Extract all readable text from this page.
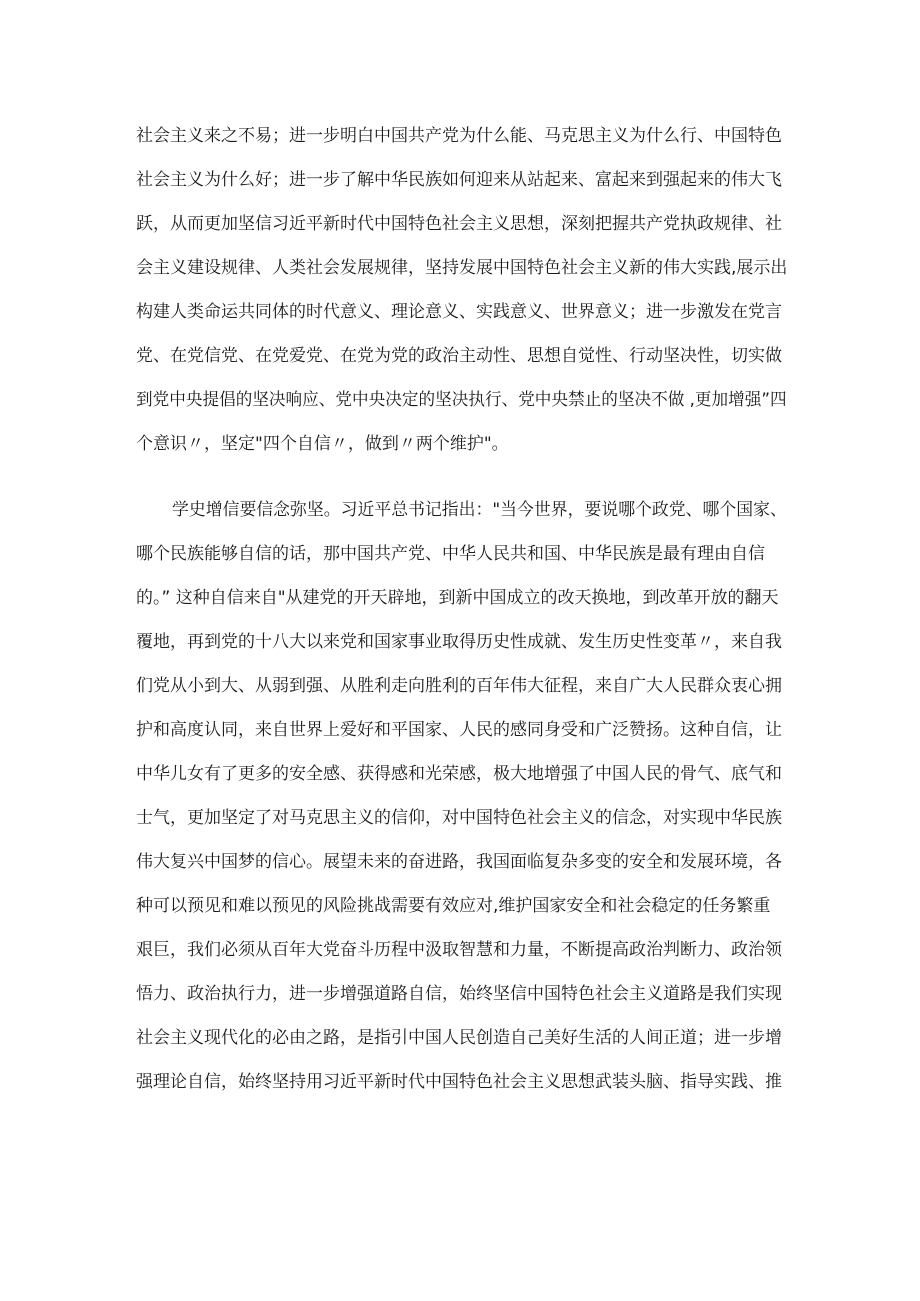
社会主义来之不易；进一步明白中国共产党为什么能、马克思主义为什么行、中国特色

社会主义为什么好；进一步了解中华民族如何迎来从站起来、富起来到强起来的伟大飞

跃，从而更加坚信习近平新时代中国特色社会主义思想，深刻把握共产党执政规律、社

会主义建设规律、人类社会发展规律，坚持发展中国特色社会主义新的伟大实践,展示出

构建人类命运共同体的时代意义、理论意义、实践意义、世界意义；进一步激发在党言

党、在党信党、在党爱党、在党为党的政治主动性、思想自觉性、行动坚决性，切实做

到党中央提倡的坚决响应、党中央决定的坚决执行、党中央禁止的坚决不做 ,更加增强”四

个意识〃，坚定"四个自信〃，做到〃两个维护"。

学史增信要信念弥坚。习近平总书记指出："当今世界，要说哪个政党、哪个国家、

哪个民族能够自信的话，那中国共产党、中华人民共和国、中华民族是最有理由自信

的。” 这种自信来自"从建党的开天辟地，到新中国成立的改天换地，到改革开放的翻天

覆地，再到党的十八大以来党和国家事业取得历史性成就、发生历史性变革〃，来自我

们党从小到大、从弱到强、从胜利走向胜利的百年伟大征程，来自广大人民群众衷心拥

护和高度认同，来自世界上爱好和平国家、人民的感同身受和广泛赞扬。这种自信，让

中华儿女有了更多的安全感、获得感和光荣感，极大地增强了中国人民的骨气、底气和

士气，更加坚定了对马克思主义的信仰，对中国特色社会主义的信念，对实现中华民族

伟大复兴中国梦的信心。展望未来的奋进路，我国面临复杂多变的安全和发展环境，各

种可以预见和难以预见的风险挑战需要有效应对,维护国家安全和社会稳定的任务繁重

艰巨，我们必须从百年大党奋斗历程中汲取智慧和力量，不断提高政治判断力、政治领

悟力、政治执行力，进一步增强道路自信，始终坚信中国特色社会主义道路是我们实现

社会主义现代化的必由之路，是指引中国人民创造自己美好生活的人间正道；进一步增

强理论自信，始终坚持用习近平新时代中国特色社会主义思想武装头脑、指导实践、推
